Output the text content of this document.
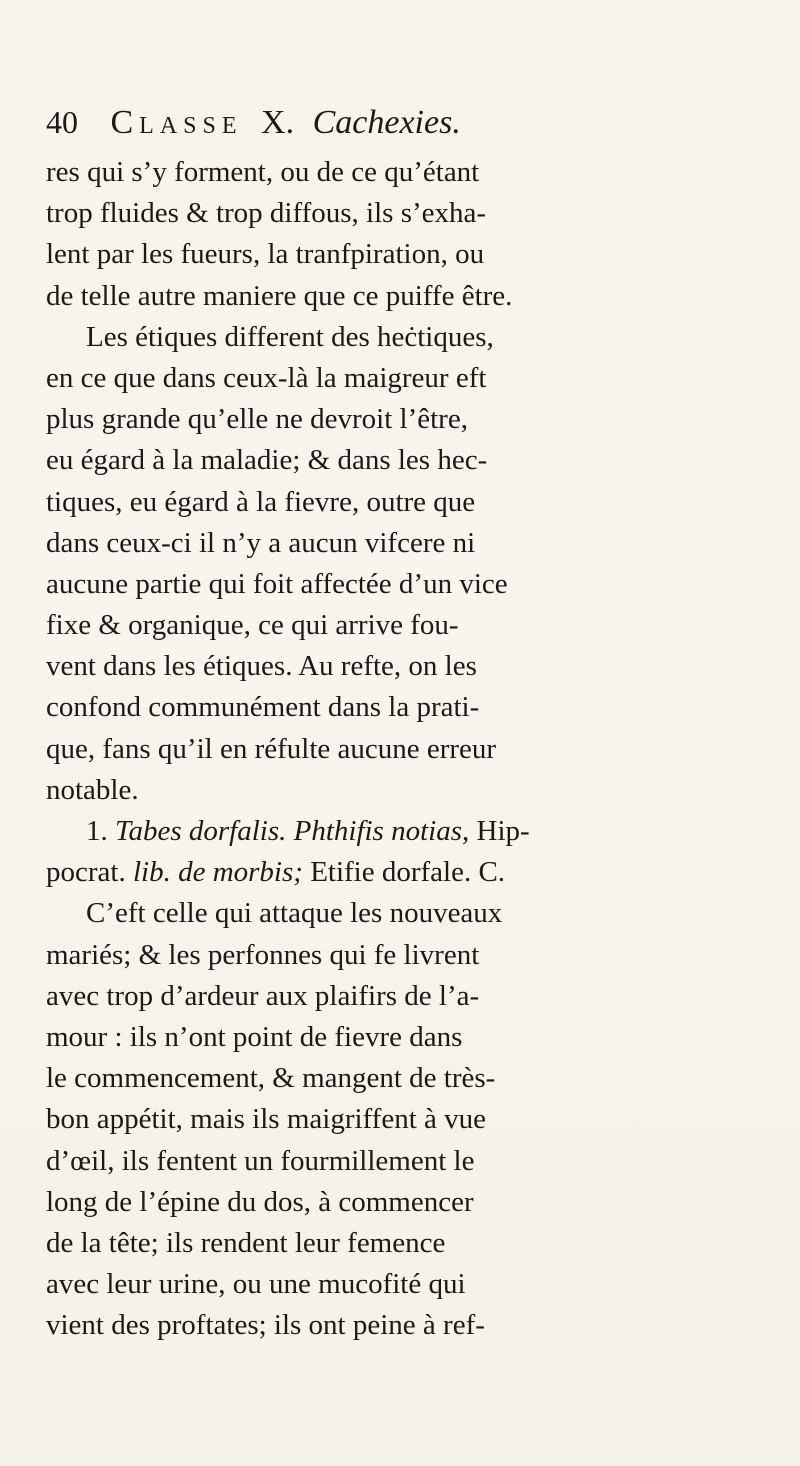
40 Classe X. Cachexies.
res qui s’y forment, ou de ce qu’étant
trop fluides & trop diffous, ils s’exha-
lent par les fueurs, la tranfpiration, ou
de telle autre maniere que ce puiffe être.
Les étiques different des heċtiques,
en ce que dans ceux-là la maigreur eft
plus grande qu’elle ne devroit l’être,
eu égard à la maladie; & dans les hec-
tiques, eu égard à la fievre, outre que
dans ceux-ci il n’y a aucun vifcere ni
aucune partie qui foit affectée d’un vice
fixe & organique, ce qui arrive fou-
vent dans les étiques. Au refte, on les
confond communément dans la prati-
que, fans qu’il en réfulte aucune erreur
notable.
1. Tabes dorfalis. Phthifis notias, Hip-
pocrat. lib. de morbis; Etifie dorfale. C.
C’eft celle qui attaque les nouveaux
mariés; & les perfonnes qui fe livrent
avec trop d’ardeur aux plaifirs de l’a-
mour : ils n’ont point de fievre dans
le commencement, & mangent de très-
bon appétit, mais ils maigriffent à vue
d’œil, ils fentent un fourmillement le
long de l’épine du dos, à commencer
de la tête; ils rendent leur femence
avec leur urine, ou une mucofité qui
vient des proftates; ils ont peine à ref-
